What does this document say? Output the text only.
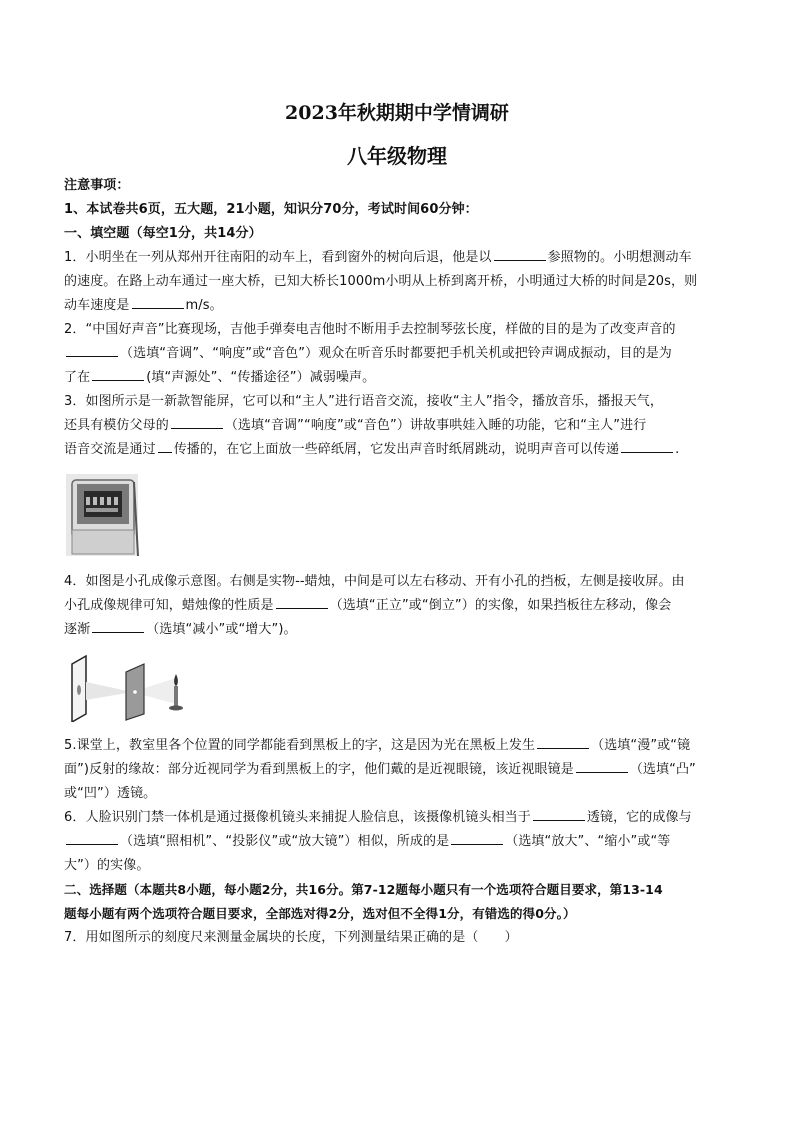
2023年秋期期中学情调研
八年级物理
注意事项：
1、本试卷共6页，五大题，21小题，知识分70分，考试时间60分钟：
一、填空题（每空1分，共14分）
1．小明坐在一列从郑州开往南阳的动车上，看到窗外的树向后退，他是以	参照物的。小明想测动车
的速度。在路上动车通过一座大桥，已知大桥长1000m小明从上桥到离开桥，小明通过大桥的时间是20s，则
动车速度是	m/s。
2．“中国好声音”比赛现场，吉他手弹奏电吉他时不断用手去控制琴弦长度，样做的目的是为了改变声音的
（选填“音调”、“响度”或“音色”）观众在听音乐时都要把手机关机或把铃声调成振动，目的是为
了在	(填“声源处”、“传播途径”）减弱噪声。
3．如图所示是一新款智能屏，它可以和“主人”进行语音交流，接收“主人”指令，播放音乐，播报天气，
还具有模仿父母的	（选填“音调”“响度”或“音色”）讲故事哄娃入睡的功能，它和“主人”进行
语音交流是通过 传播的，在它上面放一些碎纸屑，它发出声音时纸屑跳动，说明声音可以传递	.
4．如图是小孔成像示意图。右侧是实物--蜡烛，中间是可以左右移动、开有小孔的挡板，左侧是接收屏。由
小孔成像规律可知，蜡烛像的性质是	（选填“正立”或“倒立”）的实像，如果挡板往左移动，像会
逐渐	（选填“减小”或“增大”)。
5.课堂上，教室里各个位置的同学都能看到黑板上的字，这是因为光在黑板上发生	（选填“漫”或“镜
面”)反射的缘故：部分近视同学为看到黑板上的字，他们戴的是近视眼镜，该近视眼镜是	（选填“凸”
或“凹”）透镜。
6．人脸识别门禁一体机是通过摄像机镜头来捕捉人脸信息，该摄像机镜头相当于	透镜，它的成像与
（选填“照相机”、“投影仪”或“放大镜”）相似，所成的是	（选填“放大”、“缩小”或“等
大”）的实像。
二、选择题（本题共8小题，每小题2分，共16分。第7-12题每小题只有一个选项符合题目要求，第13-14
题每小题有两个选项符合题目要求，全部选对得2分，选对但不全得1分，有错选的得0分。）
7．用如图所示的刻度尺来测量金属块的长度，下列测量结果正确的是（　　）
